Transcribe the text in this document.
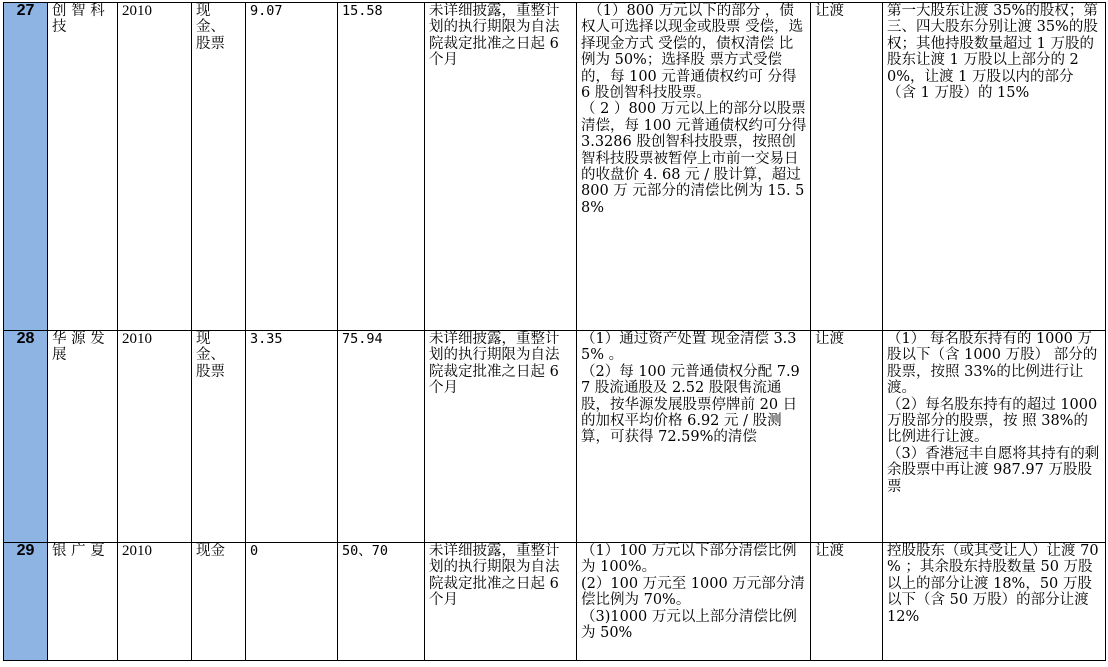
27	创 智 科技	2010	现 金、 股票	9.07	15.58	未详细披露，重整计划的执行期限为自法院裁定批准之日起 6 个月	（1）800 万元以下的部分 ，债权人可选择以现金或股票 受偿，选择现金方式 受偿的，债权清偿 比例为 50%；选择股 票方式受偿的，每 100 元普通债权约可 分得 6 股创智科技股票。
（ 2 ）800 万元以上的部分以股票清偿，每 100 元普通债权约可分得 3.3286 股创智科技股票，按照创智科技股票被暂停上市前一交易日的收盘价 4. 68 元 / 股计算，超过 800 万 元部分的清偿比例为 15. 58%	让渡	第一大股东让渡 35%的股权；第三、四大股东分别让渡 35%的股权；其他持股数量超过 1 万股的股东让渡 1 万股以上部分的 20%，让渡 1 万股以内的部分（含 1 万股）的 15%

28	华 源 发展	2010	现 金、 股票	3.35	75.94	未详细披露，重整计划的执行期限为自法院裁定批准之日起 6 个月	（1）通过资产处置 现金清偿 3.35% 。
（2）每 100 元普通债权分配 7.97 股流通股及 2.52 股限售流通股，按华源发展股票停牌前 20 日的加权平均价格 6.92 元 / 股测算，可获得 72.59%的清偿	让渡	（1） 每名股东持有的 1000 万股以下（含 1000 万股） 部分的股票，按照 33%的比例进行让渡。
（2）每名股东持有的超过 1000 万股部分的股票，按 照 38%的比例进行让渡。
（3）香港冠丰自愿将其持有的剩余股票中再让渡 987.97 万股股票

29	银 广 夏	2010	现金	0	50、70	未详细披露，重整计划的执行期限为自法院裁定批准之日起 6 个月	（1）100 万元以下部分清偿比例为 100%。
(2）100 万元至 1000 万元部分清偿比例为 70%。
（3)1000 万元以上部分清偿比例为 50%	让渡	控股股东（或其受让人）让渡 70 % ；其余股东持股数量 50 万股以上的部分让渡 18%，50 万股以下（含 50 万股）的部分让渡 12%
